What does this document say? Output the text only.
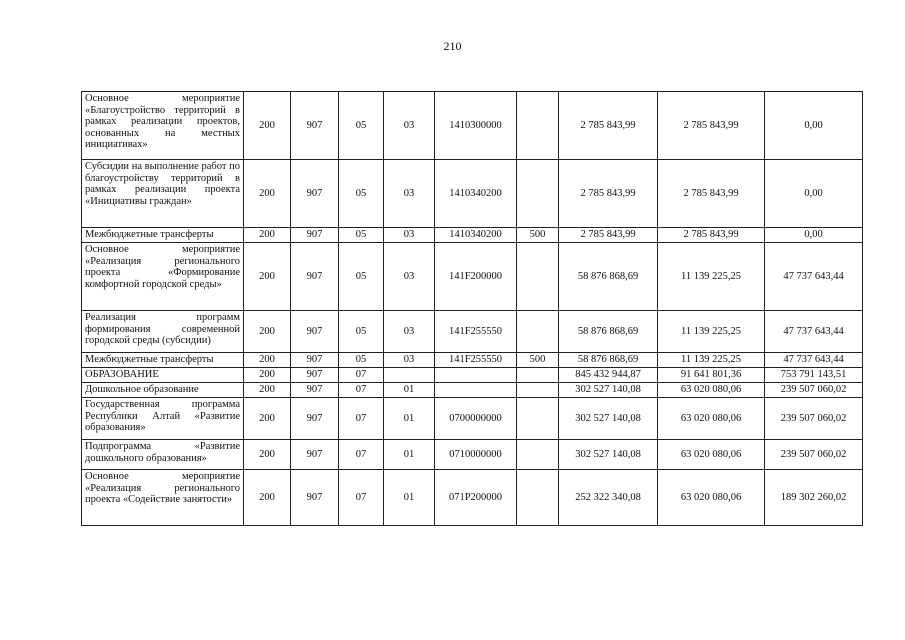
210
Основное мероприятие «Благоустройство территорий в рамках реализации проектов, основанных на местных инициативах»	200	907	05	03	1410300000		2 785 843,99	2 785 843,99	0,00
Субсидии на выполнение работ по благоустройству территорий в рамках реализации проекта «Инициативы граждан»	200	907	05	03	1410340200		2 785 843,99	2 785 843,99	0,00
Межбюджетные трансферты	200	907	05	03	1410340200	500	2 785 843,99	2 785 843,99	0,00
Основное мероприятие «Реализация регионального проекта «Формирование комфортной городской среды»	200	907	05	03	141F200000		58 876 868,69	11 139 225,25	47 737 643,44
Реализация программ формирования современной городской среды (субсидии)	200	907	05	03	141F255550		58 876 868,69	11 139 225,25	47 737 643,44
Межбюджетные трансферты	200	907	05	03	141F255550	500	58 876 868,69	11 139 225,25	47 737 643,44
ОБРАЗОВАНИЕ	200	907	07				845 432 944,87	91 641 801,36	753 791 143,51
Дошкольное образование	200	907	07	01			302 527 140,08	63 020 080,06	239 507 060,02
Государственная программа Республики Алтай «Развитие образования»	200	907	07	01	0700000000		302 527 140,08	63 020 080,06	239 507 060,02
Подпрограмма «Развитие дошкольного образования»	200	907	07	01	0710000000		302 527 140,08	63 020 080,06	239 507 060,02
Основное мероприятие «Реализация регионального проекта «Содействие занятости»	200	907	07	01	071P200000		252 322 340,08	63 020 080,06	189 302 260,02
